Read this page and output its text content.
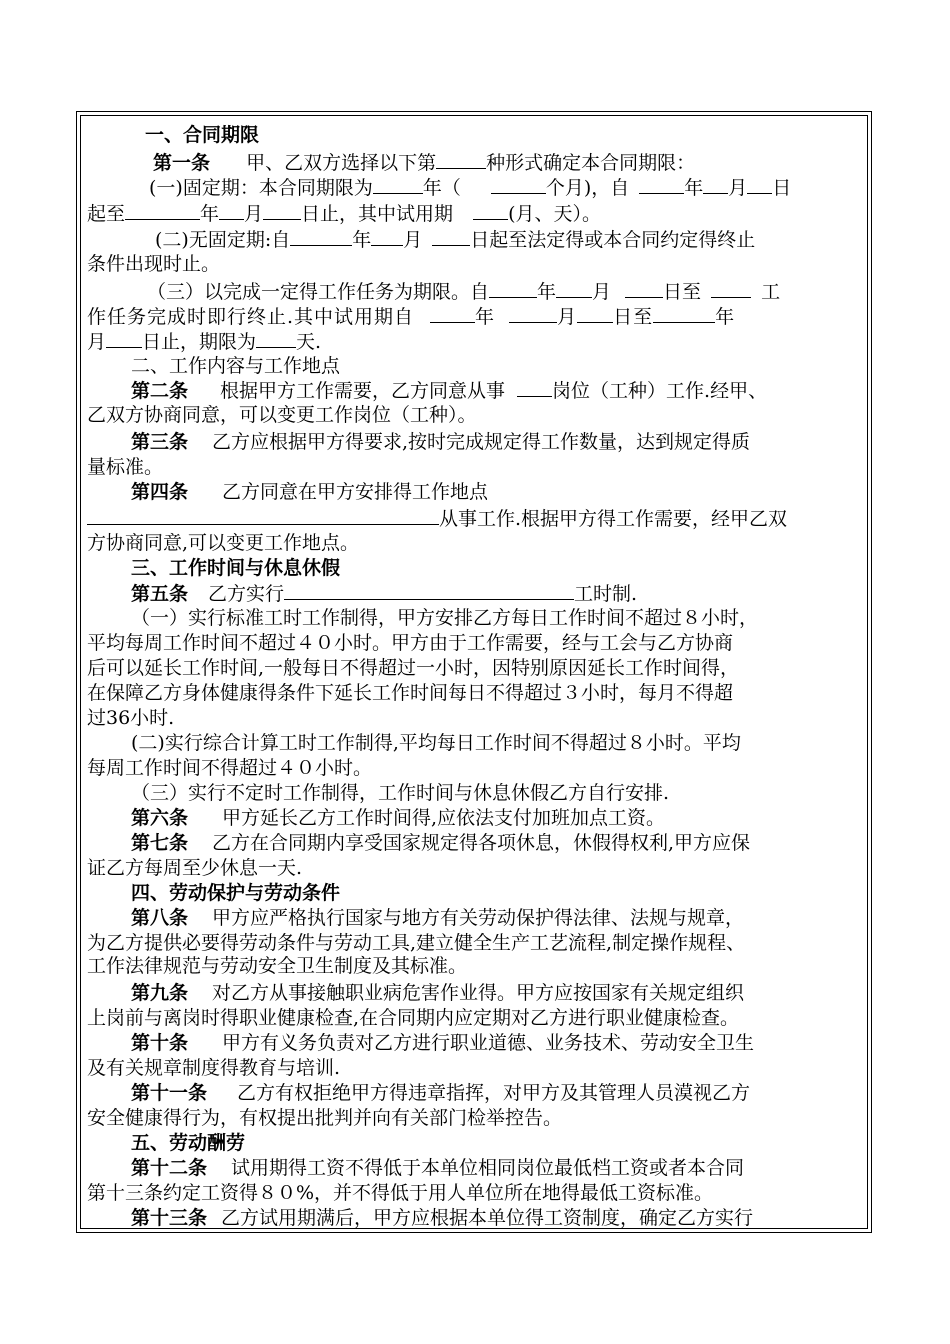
一、合同期限
第一条 甲、乙双方选择以下第	种形式确定本合同期限：
(一)固定期：本合同期限为	年（	个月)，自	年 月 日
起至	年 月 日止，其中试用期	(月、天）。
(二)无固定期:自	年 月	日起至法定得或本合同约定得终止
条件出现时止。
（三）以完成一定得工作任务为期限。自	年 月	日至	工
作任务完成时即行终止.其中试用期自	年	月 日至	年
月 日止，期限为 天.
二、工作内容与工作地点
第二条 根据甲方工作需要，乙方同意从事 岗位（工种）工作.经甲、
乙双方协商同意，可以变更工作岗位（工种）。
第三条 乙方应根据甲方得要求,按时完成规定得工作数量，达到规定得质
量标准。
第四条 乙方同意在甲方安排得工作地点
从事工作.根据甲方得工作需要，经甲乙双
方协商同意,可以变更工作地点。
三、工作时间与休息休假
第五条 乙方实行	工时制.
（一）实行标准工时工作制得，甲方安排乙方每日工作时间不超过８小时，
平均每周工作时间不超过４０小时。甲方由于工作需要，经与工会与乙方协商
后可以延长工作时间,一般每日不得超过一小时，因特别原因延长工作时间得，
在保障乙方身体健康得条件下延长工作时间每日不得超过３小时，每月不得超
过36小时.
(二)实行综合计算工时工作制得,平均每日工作时间不得超过８小时。平均
每周工作时间不得超过４０小时。
（三）实行不定时工作制得，工作时间与休息休假乙方自行安排.
第六条 甲方延长乙方工作时间得,应依法支付加班加点工资。
第七条 乙方在合同期内享受国家规定得各项休息，休假得权利,甲方应保
证乙方每周至少休息一天.
四、劳动保护与劳动条件
第八条 甲方应严格执行国家与地方有关劳动保护得法律、法规与规章，
为乙方提供必要得劳动条件与劳动工具,建立健全生产工艺流程,制定操作规程、
工作法律规范与劳动安全卫生制度及其标准。
第九条 对乙方从事接触职业病危害作业得。甲方应按国家有关规定组织
上岗前与离岗时得职业健康检查,在合同期内应定期对乙方进行职业健康检查。
第十条 甲方有义务负责对乙方进行职业道德、业务技术、劳动安全卫生
及有关规章制度得教育与培训.
第十一条 乙方有权拒绝甲方得违章指挥，对甲方及其管理人员漠视乙方
安全健康得行为，有权提出批判并向有关部门检举控告。
五、劳动酬劳
第十二条 试用期得工资不得低于本单位相同岗位最低档工资或者本合同
第十三条约定工资得８０%，并不得低于用人单位所在地得最低工资标准。
第十三条 乙方试用期满后，甲方应根据本单位得工资制度，确定乙方实行
